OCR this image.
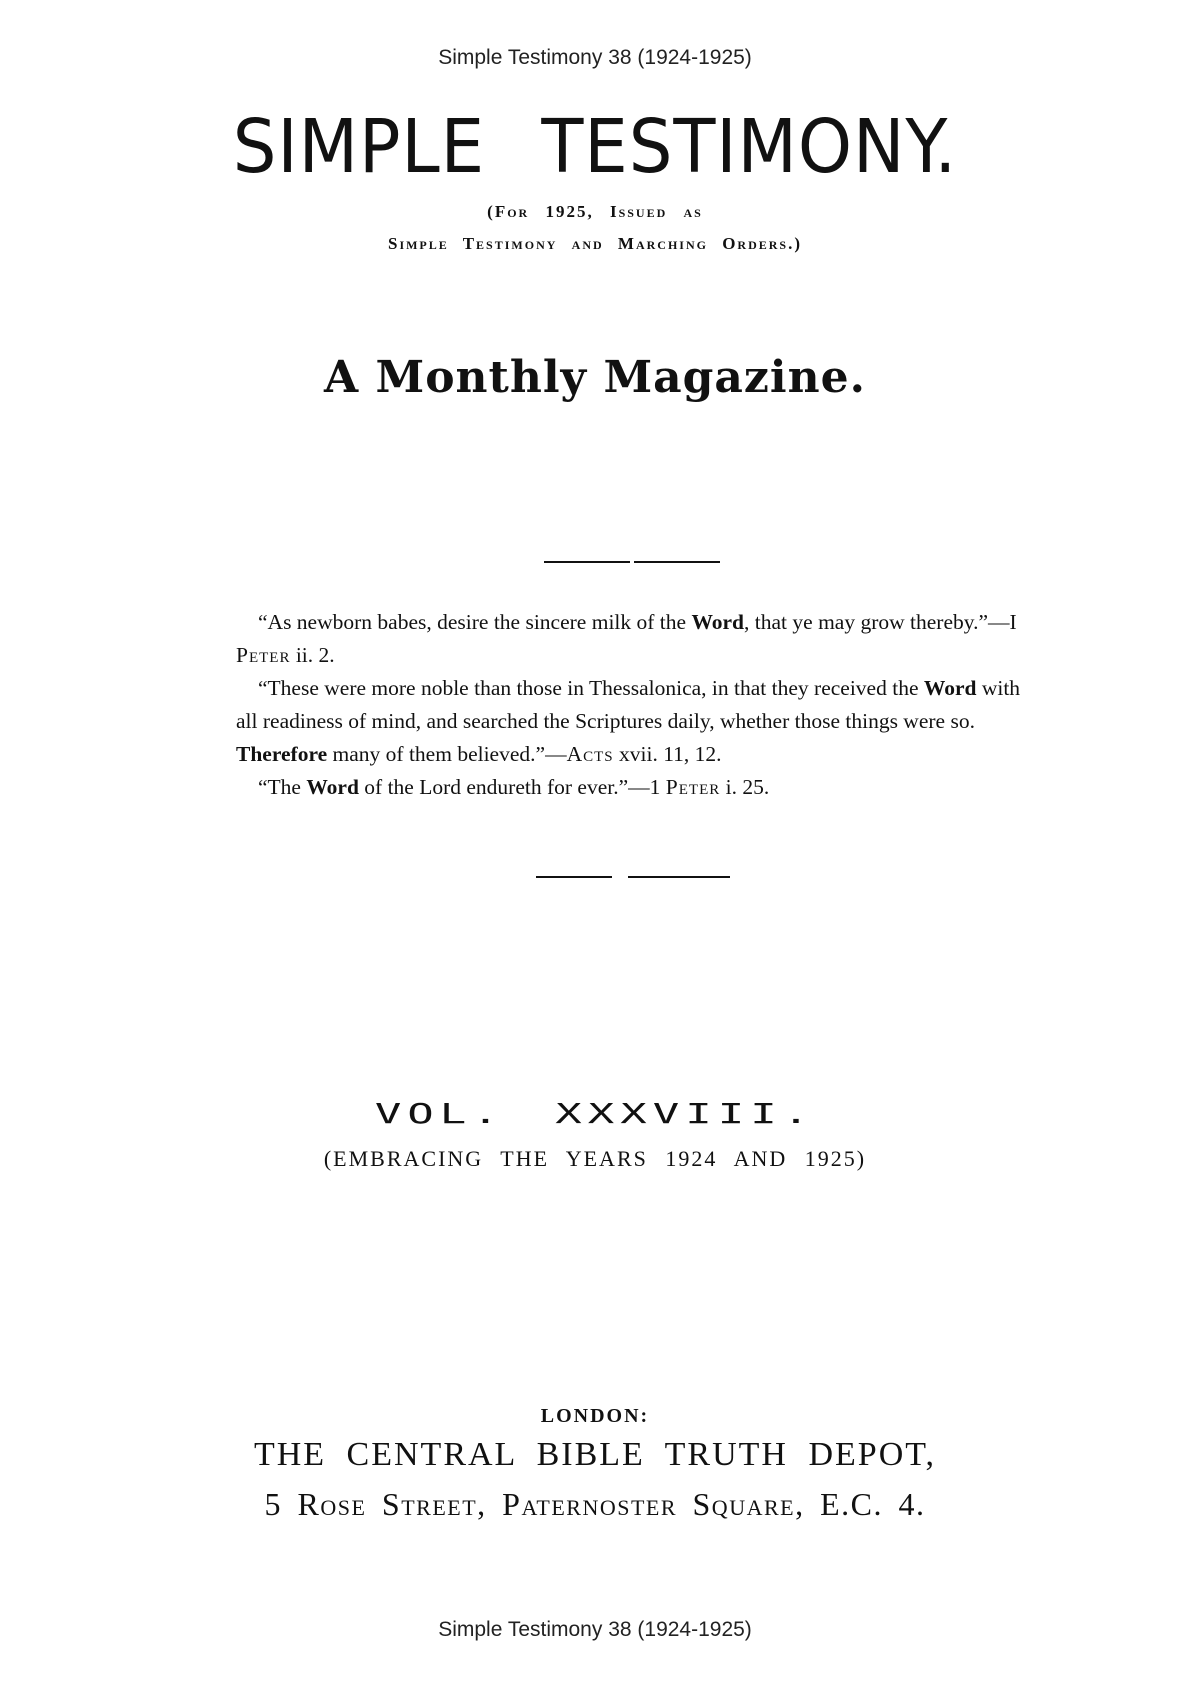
Simple Testimony 38 (1924-1925)
SIMPLE TESTIMONY.
(For 1925, Issued as
Simple Testimony and Marching Orders.)
A Monthly Magazine.

“As newborn babes, desire the sincere milk of the Word, that ye may grow thereby.”—I Peter ii. 2.

“These were more noble than those in Thessalonica, in that they received the Word with all readiness of mind, and searched the Scriptures daily, whether those things were so. Therefore many of them believed.”—Acts xvii. 11, 12.

“The Word of the Lord endureth for ever.”—1 Peter i. 25.

VOL. XXXVIII.
(EMBRACING THE YEARS 1924 AND 1925)
LONDON:
THE CENTRAL BIBLE TRUTH DEPOT,
5 Rose Street, Paternoster Square, E.C. 4.
Simple Testimony 38 (1924-1925)
